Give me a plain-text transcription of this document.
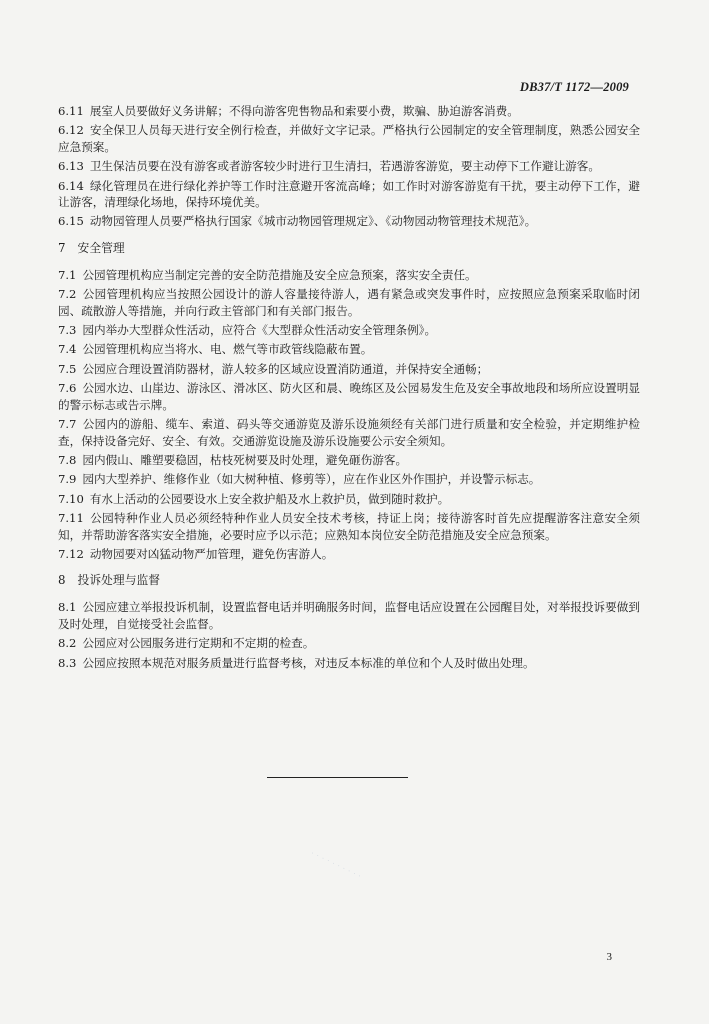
DB37/T 1172—2009

6.11 展室人员要做好义务讲解；不得向游客兜售物品和索要小费，欺骗、胁迫游客消费。

6.12 安全保卫人员每天进行安全例行检查，并做好文字记录。严格执行公园制定的安全管理制度，熟悉公园安全应急预案。

6.13 卫生保洁员要在没有游客或者游客较少时进行卫生清扫，若遇游客游览，要主动停下工作避让游客。

6.14 绿化管理员在进行绿化养护等工作时注意避开客流高峰；如工作时对游客游览有干扰，要主动停下工作，避让游客，清理绿化场地，保持环境优美。

6.15 动物园管理人员要严格执行国家《城市动物园管理规定》、《动物园动物管理技术规范》。

7 安全管理

7.1 公园管理机构应当制定完善的安全防范措施及安全应急预案，落实安全责任。

7.2 公园管理机构应当按照公园设计的游人容量接待游人，遇有紧急或突发事件时，应按照应急预案采取临时闭园、疏散游人等措施，并向行政主管部门和有关部门报告。

7.3 园内举办大型群众性活动，应符合《大型群众性活动安全管理条例》。

7.4 公园管理机构应当将水、电、燃气等市政管线隐蔽布置。

7.5 公园应合理设置消防器材，游人较多的区域应设置消防通道，并保持安全通畅；

7.6 公园水边、山崖边、游泳区、滑冰区、防火区和晨、晚练区及公园易发生危及安全事故地段和场所应设置明显的警示标志或告示牌。

7.7 公园内的游船、缆车、索道、码头等交通游览及游乐设施须经有关部门进行质量和安全检验，并定期维护检查，保持设备完好、安全、有效。交通游览设施及游乐设施要公示安全须知。

7.8 园内假山、雕塑要稳固，枯枝死树要及时处理，避免砸伤游客。

7.9 园内大型养护、维修作业（如大树种植、修剪等），应在作业区外作围护，并设警示标志。

7.10 有水上活动的公园要设水上安全救护船及水上救护员，做到随时救护。

7.11 公园特种作业人员必须经特种作业人员安全技术考核，持证上岗；接待游客时首先应提醒游客注意安全须知，并帮助游客落实安全措施，必要时应予以示范；应熟知本岗位安全防范措施及安全应急预案。

7.12 动物园要对凶猛动物严加管理，避免伤害游人。

8 投诉处理与监督

8.1 公园应建立举报投诉机制，设置监督电话并明确服务时间，监督电话应设置在公园醒目处，对举报投诉要做到及时处理，自觉接受社会监督。

8.2 公园应对公园服务进行定期和不定期的检查。

8.3 公园应按照本规范对服务质量进行监督考核，对违反本标准的单位和个人及时做出处理。

· · · · · · · · · ·
3
